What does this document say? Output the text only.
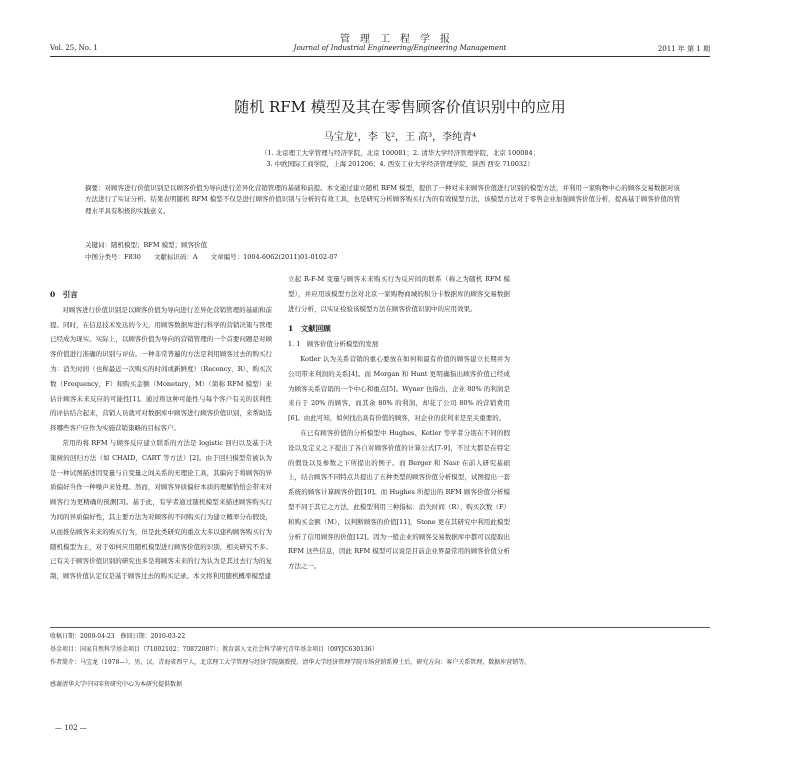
管理工程学报
Vol. 25, No. 1	Journal of Industrial Engineering/Engineering Management	2011 年 第 1 期
随机 RFM 模型及其在零售顾客价值识别中的应用
马宝龙¹，李 飞²，王 高³，李纯青⁴
（1. 北京理工大学管理与经济学院，北京 100081；2. 清华大学经济管理学院，北京 100084；
3. 中欧国际工商学院，上海 201206；4. 西安工业大学经济管理学院，陕西 西安 710032）
摘要：对顾客进行价值识别是以顾客价值为导向进行差异化营销管理的基础和前提。本文通过建立随机 RFM 模型，提供了一种对未来顾客价值进行识别的模型方法，并利用一家购物中心的顾客交易数据对该方法进行了实证分析。结果表明随机 RFM 模型不仅是进行顾客价值识别与分析的有效工具，也是研究分析顾客购买行为的有效模型方法，该模型方法对于零售企业加强顾客价值分析，提高基于顾客价值的管理水平具有积极的实践意义。
关键词：随机模型；RFM 模型；顾客价值
中图分类号：F830　　文献标识码：A　　文章编号：1004-6062(2011)01-0102-07

0　引言

对顾客进行价值识别是以顾客价值为导向进行差异化营销管理的基础和前提。同时，在信息技术发达的今天，用顾客数据库进行科学的营销决策与管理已经成为现实。实际上，以顾客价值为导向的营销管理的一个首要问题是对顾客价值进行准确的识别与评估。一种非常普遍的方法是利用顾客过去的购买行为：消失时间（也称最近一次购买的时间或新鲜度）（Recency，R）、购买次数（Frequency，F）和购买金额（Monetary，M）（简称 RFM 模型）来估计顾客未来反应的可能性[1]。通过将这种可能性与每个客户有关的获利性的评估结合起来，营销人员就可对数据库中顾客进行顾客价值识别，来帮助选择哪些客户应作为实施营销策略的目标客户。

常用的将 RFM 与顾客反应建立联系的方法是 logistic 回归以及基于决策树的回归方法（如 CHAID，CART 等方法）[2]。由于回归模型常被认为是一种试图描述因变量与自变量之间关系的无理论工具，其偏向于将顾客的异质偏好当作一种噪声来处理。然而，对顾客异质偏好本质的理解恰恰会带来对顾客行为更精确的预测[3]。基于此，有学者通过随机模型来描述顾客购买行为间的异质偏好性，其主要方法为对顾客的不同购买行为建立概率分布假设，从而推估顾客未来的购买行为，但是此类研究的重点大多以建构顾客购买行为随机模型为主，对于如何应用随机模型进行顾客价值的识别，相关研究不多。已有关于顾客价值识别的研究也多是将顾客未来的行为认为是其过去行为的复制，顾客价值认定仅是基于顾客过去的购买记录。本文将利用随机概率模型建

立起 R-F-M 变量与顾客未来购买行为反应间的联系（称之为随机 RFM 模型），并应用该模型方法对北京一家购物商城的积分卡数据库的顾客交易数据进行分析，以实证检验该模型方法在顾客价值识别中的应用效果。

1　文献回顾

1. 1　顾客价值分析模型的发展

Kotler 认为关系营销的重心要放在如何和最有价值的顾客建立长期并为公司带来利润的关系[4]。而 Morgan 和 Hunt 更明确指出顾客价值已经成为顾客关系营销的一个中心和重点[5]。Wyner 也指出，企业 80% 的利润是来自于 20% 的顾客，而其余 80% 的利润，却花了公司 80% 的营销费用[6]。由此可知，如何找出具有价值的顾客，对企业的获利来是至关重要的。

在已有顾客价值的分析模型中 Hughes、Kotler 等学者分别在不同的假设以及定义之下提出了各自对顾客价值的计算公式[7-9]，不过大都是在特定的假设以及参数之下所提出的例子。而 Berger 和 Nasr 在前人研究基础上，结合顾客不同特点共提出了五种类型的顾客价值分析模型，试图提出一套系统的顾客计算顾客价值[10]。而 Hughes 所提出的 RFM 顾客价值分析模型不同于其它之方法，此模型利用三种指标：消失时间（R）、购买次数（F）和购买金额（M），以判断顾客的价值[11]，Stone 更在其研究中利用此模型分析了信用顾客的价值[12]。因为一般企业的顾客交易数据库中都可以提取出 RFM 这些信息，因此 RFM 模型可以说是目前企业界最常用的顾客价值分析方法之一。

收稿日期：2009-04-23　修回日期：2010-03-22
基金项目：国家自然科学基金项目（71002102；70872087）；教育部人文社会科学研究青年基金项目（09YJC630136）
作者简介：马宝龙（1978—），男，汉，青海省西宁人，北京理工大学管理与经济学院副教授，清华大学经济管理学院市场营销系博士后，研究方向：客户关系管理，数据库营销等。
感谢清华大学中国零售研究中心为本研究提供数据
— 102 —
